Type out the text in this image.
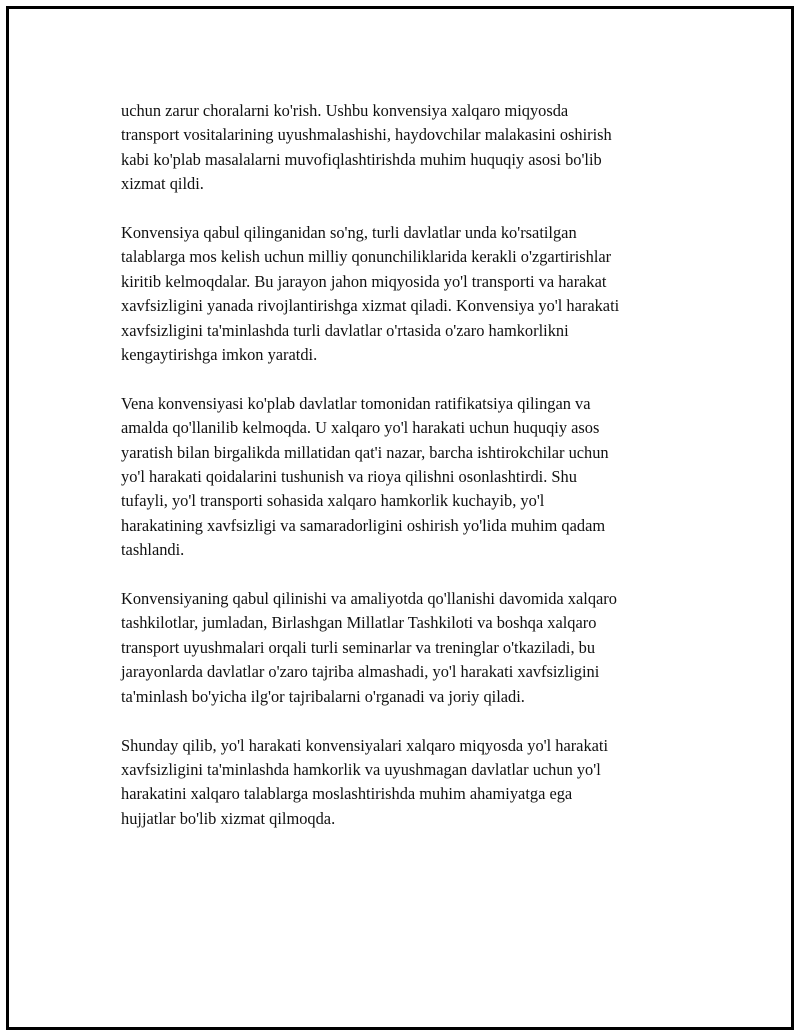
uchun zarur choralarni ko'rish. Ushbu konvensiya xalqaro miqyosda
transport vositalarining uyushmalashishi, haydovchilar malakasini oshirish
kabi ko'plab masalalarni muvofiqlashtirishda muhim huquqiy asosi bo'lib
xizmat qildi.

Konvensiya qabul qilinganidan so'ng, turli davlatlar unda ko'rsatilgan
talablarga mos kelish uchun milliy qonunchiliklarida kerakli o'zgartirishlar
kiritib kelmoqdalar. Bu jarayon jahon miqyosida yo'l transporti va harakat
xavfsizligini yanada rivojlantirishga xizmat qiladi. Konvensiya yo'l harakati
xavfsizligini ta'minlashda turli davlatlar o'rtasida o'zaro hamkorlikni
kengaytirishga imkon yaratdi.

Vena konvensiyasi ko'plab davlatlar tomonidan ratifikatsiya qilingan va
amalda qo'llanilib kelmoqda. U xalqaro yo'l harakati uchun huquqiy asos
yaratish bilan birgalikda millatidan qat'i nazar, barcha ishtirokchilar uchun
yo'l harakati qoidalarini tushunish va rioya qilishni osonlashtirdi. Shu
tufayli, yo'l transporti sohasida xalqaro hamkorlik kuchayib, yo'l
harakatining xavfsizligi va samaradorligini oshirish yo'lida muhim qadam
tashlandi.

Konvensiyaning qabul qilinishi va amaliyotda qo'llanishi davomida xalqaro
tashkilotlar, jumladan, Birlashgan Millatlar Tashkiloti va boshqa xalqaro
transport uyushmalari orqali turli seminarlar va treninglar o'tkaziladi, bu
jarayonlarda davlatlar o'zaro tajriba almashadi, yo'l harakati xavfsizligini
ta'minlash bo'yicha ilg'or tajribalarni o'rganadi va joriy qiladi.

Shunday qilib, yo'l harakati konvensiyalari xalqaro miqyosda yo'l harakati
xavfsizligini ta'minlashda hamkorlik va uyushmagan davlatlar uchun yo'l
harakatini xalqaro talablarga moslashtirishda muhim ahamiyatga ega
hujjatlar bo'lib xizmat qilmoqda.
